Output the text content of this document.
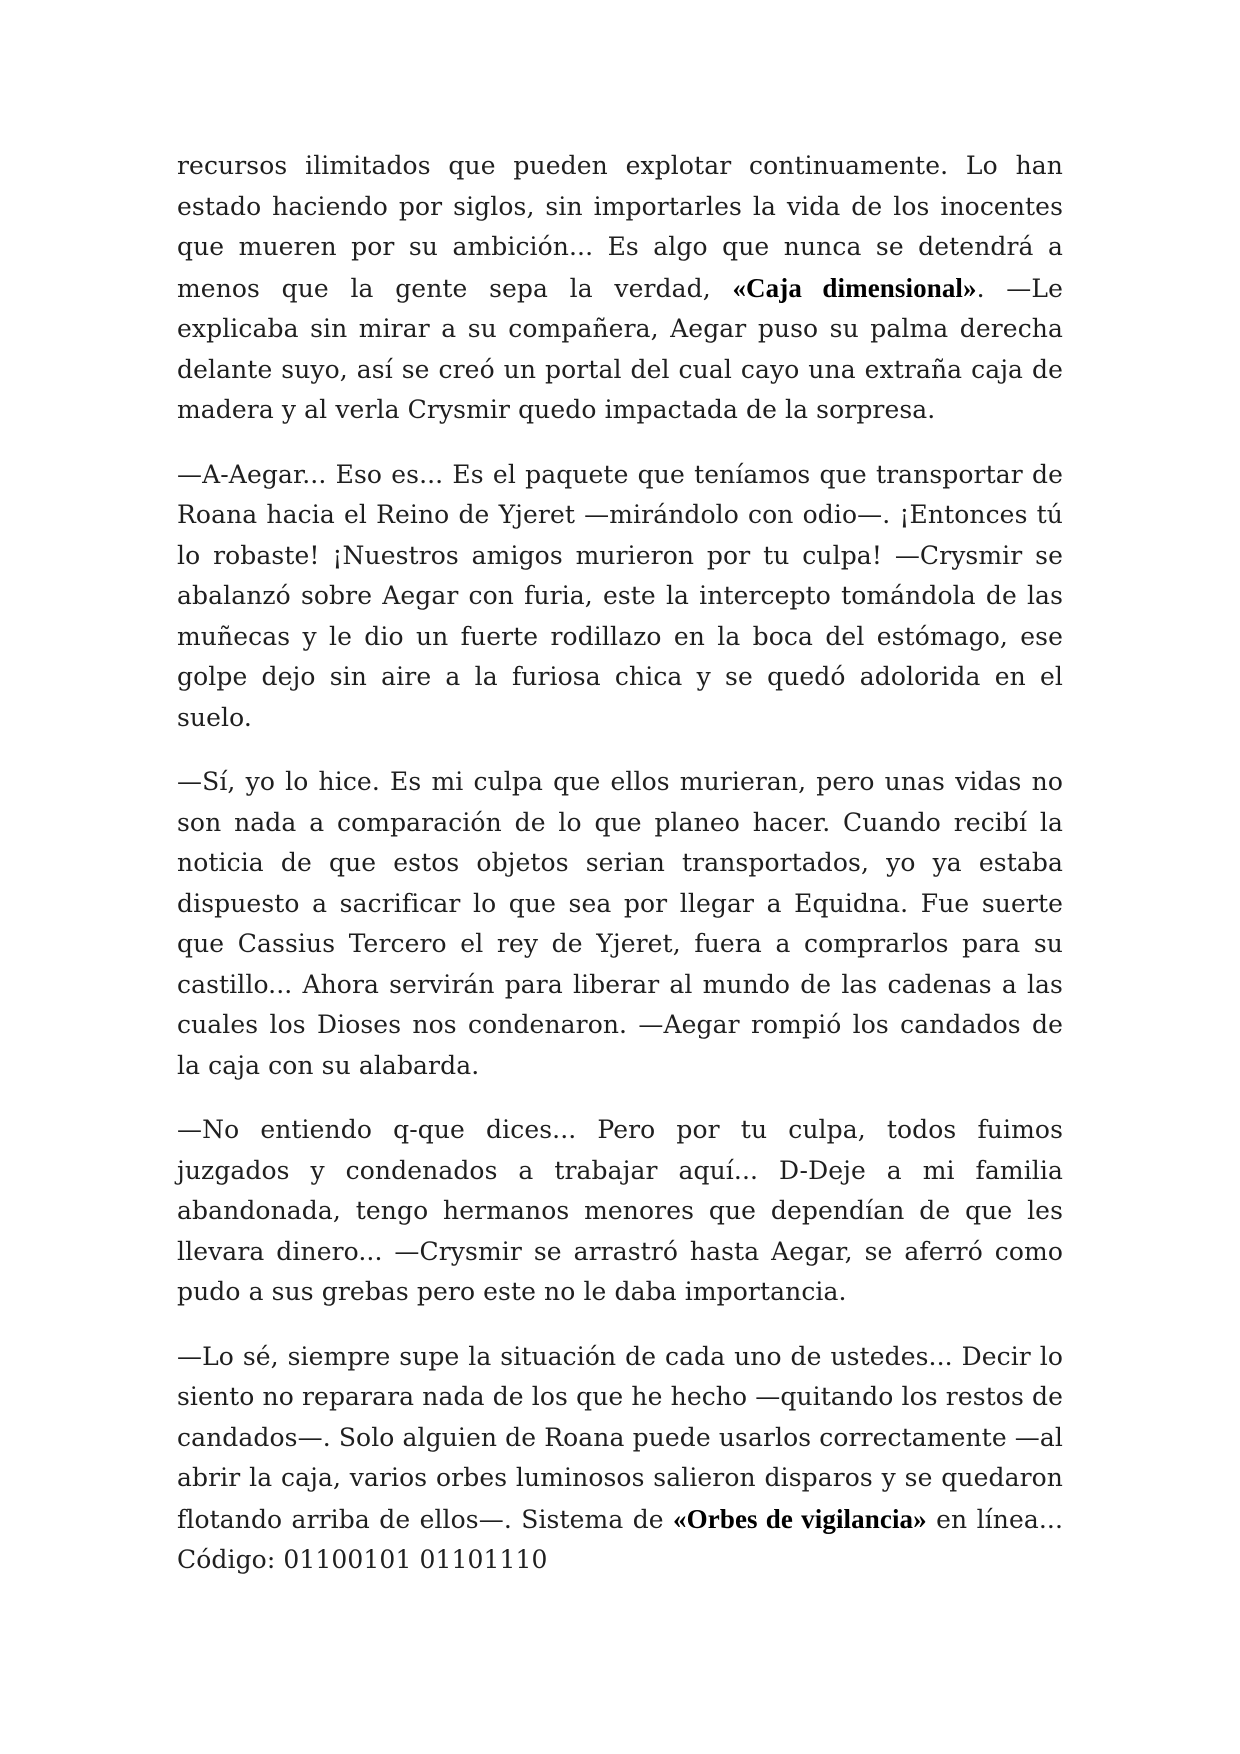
recursos ilimitados que pueden explotar continuamente. Lo han estado haciendo por siglos, sin importarles la vida de los inocentes que mueren por su ambición... Es algo que nunca se detendrá a menos que la gente sepa la verdad, «Caja dimensional». —Le explicaba sin mirar a su compañera, Aegar puso su palma derecha delante suyo, así se creó un portal del cual cayo una extraña caja de madera y al verla Crysmir quedo impactada de la sorpresa.

—A-Aegar... Eso es... Es el paquete que teníamos que transportar de Roana hacia el Reino de Yjeret —mirándolo con odio—. ¡Entonces tú lo robaste! ¡Nuestros amigos murieron por tu culpa! —Crysmir se abalanzó sobre Aegar con furia, este la intercepto tomándola de las muñecas y le dio un fuerte rodillazo en la boca del estómago, ese golpe dejo sin aire a la furiosa chica y se quedó adolorida en el suelo.

—Sí, yo lo hice. Es mi culpa que ellos murieran, pero unas vidas no son nada a comparación de lo que planeo hacer. Cuando recibí la noticia de que estos objetos serian transportados, yo ya estaba dispuesto a sacrificar lo que sea por llegar a Equidna. Fue suerte que Cassius Tercero el rey de Yjeret, fuera a comprarlos para su castillo... Ahora servirán para liberar al mundo de las cadenas a las cuales los Dioses nos condenaron. —Aegar rompió los candados de la caja con su alabarda.

—No entiendo q-que dices... Pero por tu culpa, todos fuimos juzgados y condenados a trabajar aquí... D-Deje a mi familia abandonada, tengo hermanos menores que dependían de que les llevara dinero... —Crysmir se arrastró hasta Aegar, se aferró como pudo a sus grebas pero este no le daba importancia.

—Lo sé, siempre supe la situación de cada uno de ustedes... Decir lo siento no reparara nada de los que he hecho —quitando los restos de candados—. Solo alguien de Roana puede usarlos correctamente —al abrir la caja, varios orbes luminosos salieron disparos y se quedaron flotando arriba de ellos—. Sistema de «Orbes de vigilancia» en línea... Código: 01100101 01101110
